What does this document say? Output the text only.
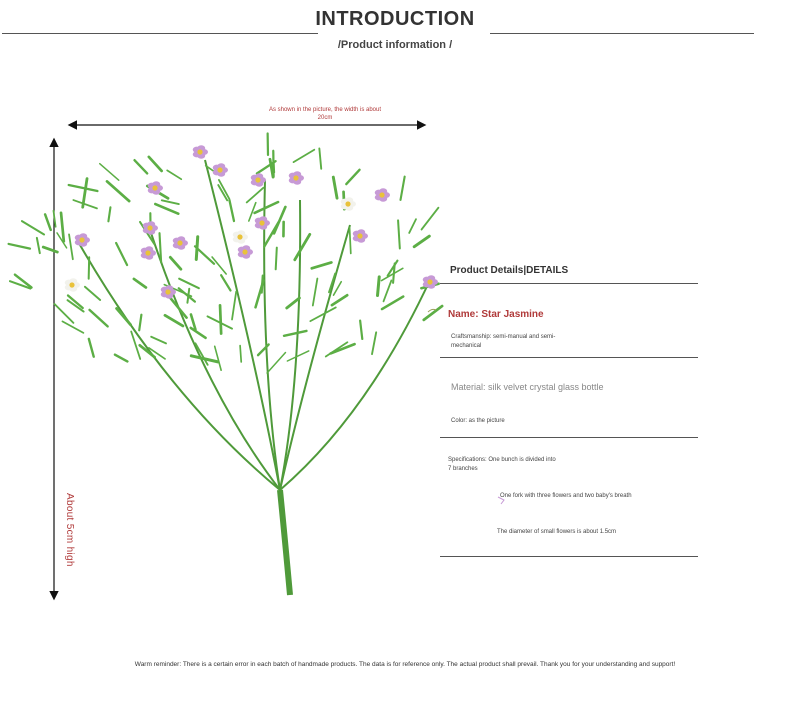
INTRODUCTION
/Product information /
As shown in the picture, the width is about 20cm
About 5cm high
Product Details|DETAILS
Name: Star Jasmine
Craftsmanship: semi-manual and semi-mechanical
Material: silk velvet crystal glass bottle
Color: as the picture
Specifications: One bunch is divided into 7 branches
One fork with three flowers and two baby's breath
The diameter of small flowers is about 1.5cm
Warm reminder: There is a certain error in each batch of handmade products. The data is for reference only. The actual product shall prevail. Thank you for your understanding and support!
